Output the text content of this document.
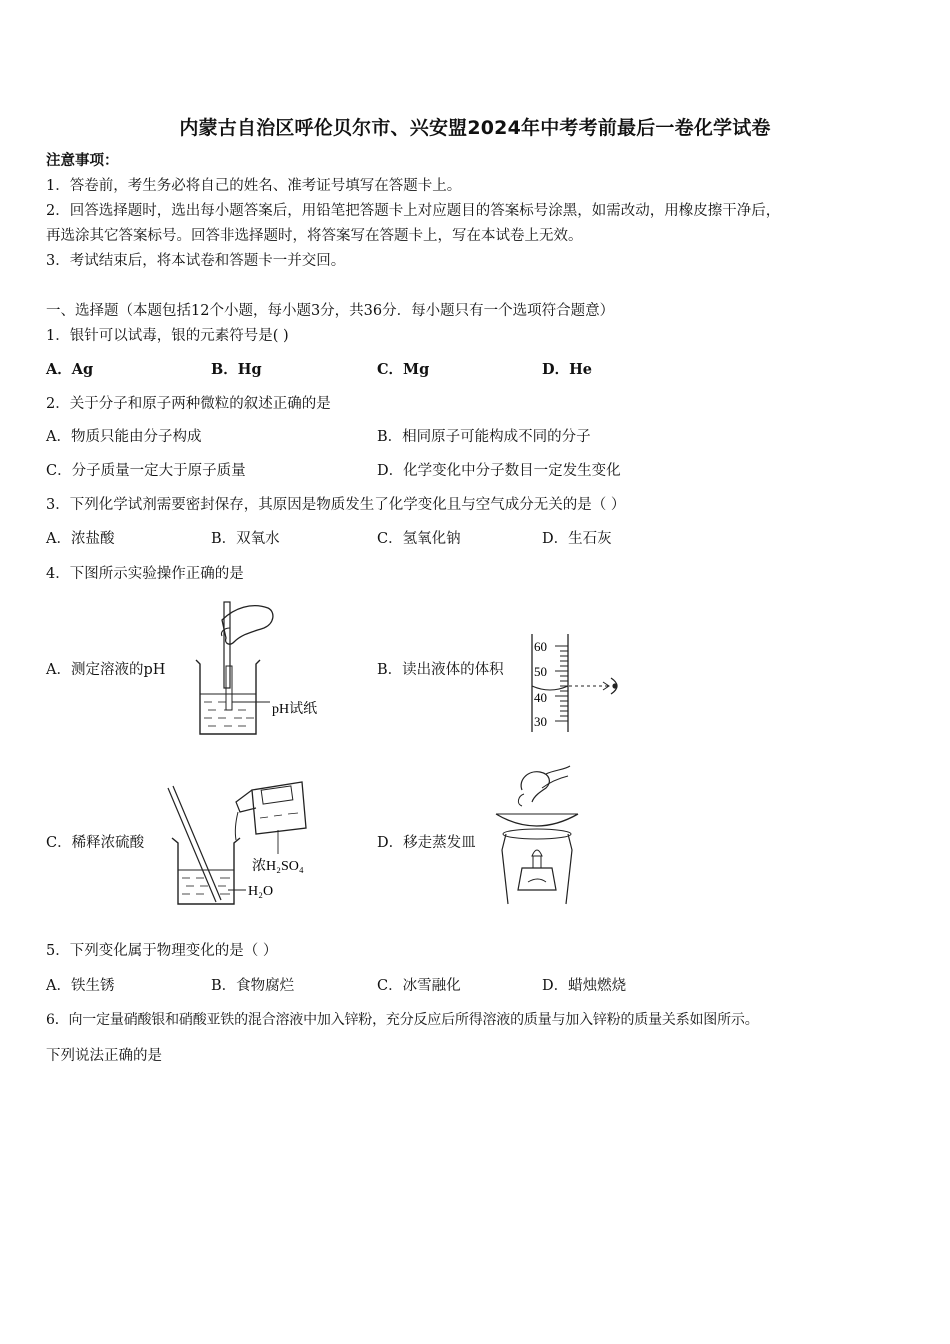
内蒙古自治区呼伦贝尔市、兴安盟2024年中考考前最后一卷化学试卷
注意事项：
1．答卷前，考生务必将自己的姓名、准考证号填写在答题卡上。
2．回答选择题时，选出每小题答案后，用铅笔把答题卡上对应题目的答案标号涂黑，如需改动，用橡皮擦干净后，
再选涂其它答案标号。回答非选择题时，将答案写在答题卡上，写在本试卷上无效。
3．考试结束后，将本试卷和答题卡一并交回。
一、选择题（本题包括12个小题，每小题3分，共36分．每小题只有一个选项符合题意）
1．银针可以试毒，银的元素符号是( )
A．Ag	B．Hg	C．Mg	D．He
2．关于分子和原子两种微粒的叙述正确的是
A．物质只能由分子构成	B．相同原子可能构成不同的分子
C．分子质量一定大于原子质量	D．化学变化中分子数目一定发生变化
3．下列化学试剂需要密封保存，其原因是物质发生了化学变化且与空气成分无关的是（ ）
A．浓盐酸	B．双氧水	C．氢氧化钠	D．生石灰
4．下图所示实验操作正确的是
A．测定溶液的pH	B．读出液体的体积
C．稀释浓硫酸	D．移走蒸发皿
pH试纸
60
50
40
30
浓H₂SO₄
H₂O
5．下列变化属于物理变化的是（ ）
A．铁生锈	B．食物腐烂	C．冰雪融化	D．蜡烛燃烧
6．向一定量硝酸银和硝酸亚铁的混合溶液中加入锌粉，充分反应后所得溶液的质量与加入锌粉的质量关系如图所示。
下列说法正确的是
